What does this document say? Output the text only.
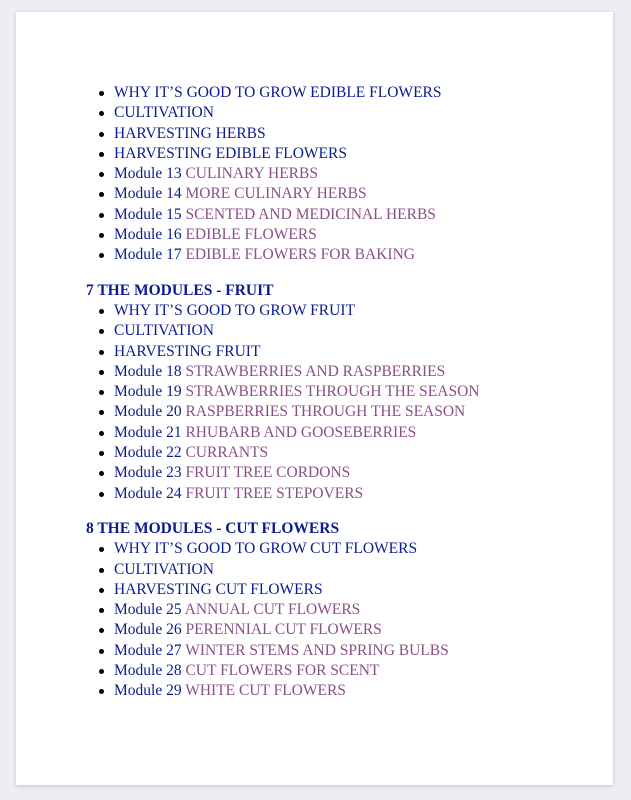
WHY IT’S GOOD TO GROW EDIBLE FLOWERS
CULTIVATION
HARVESTING HERBS
HARVESTING EDIBLE FLOWERS
Module 13 CULINARY HERBS
Module 14 MORE CULINARY HERBS
Module 15 SCENTED AND MEDICINAL HERBS
Module 16 EDIBLE FLOWERS
Module 17 EDIBLE FLOWERS FOR BAKING
7 THE MODULES - FRUIT
WHY IT’S GOOD TO GROW FRUIT
CULTIVATION
HARVESTING FRUIT
Module 18 STRAWBERRIES AND RASPBERRIES
Module 19 STRAWBERRIES THROUGH THE SEASON
Module 20 RASPBERRIES THROUGH THE SEASON
Module 21 RHUBARB AND GOOSEBERRIES
Module 22 CURRANTS
Module 23 FRUIT TREE CORDONS
Module 24 FRUIT TREE STEPOVERS
8 THE MODULES - CUT FLOWERS
WHY IT’S GOOD TO GROW CUT FLOWERS
CULTIVATION
HARVESTING CUT FLOWERS
Module 25 ANNUAL CUT FLOWERS
Module 26 PERENNIAL CUT FLOWERS
Module 27 WINTER STEMS AND SPRING BULBS
Module 28 CUT FLOWERS FOR SCENT
Module 29 WHITE CUT FLOWERS
